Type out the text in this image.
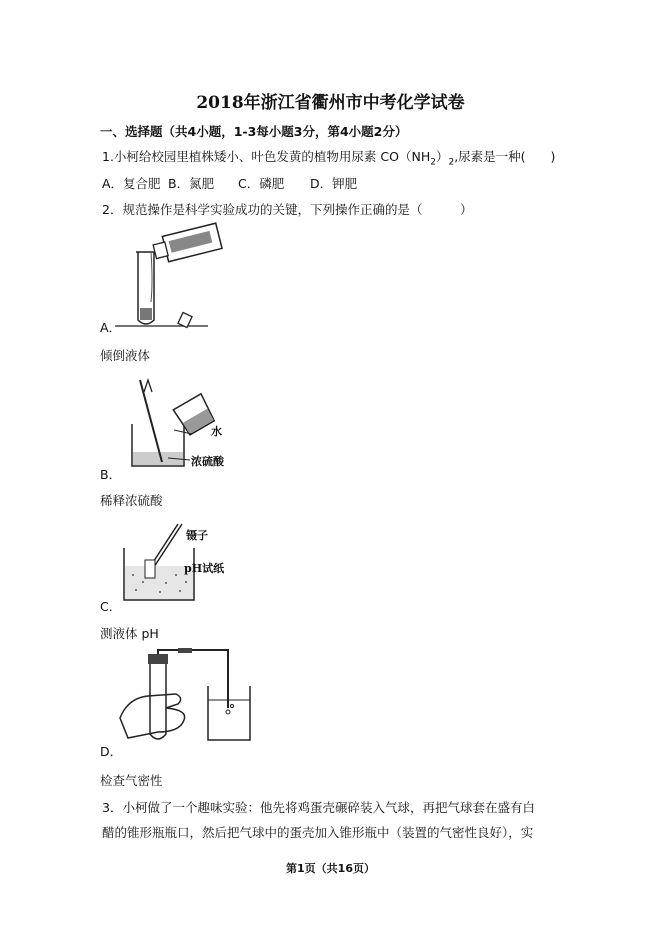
2018年浙江省衢州市中考化学试卷
一、选择题（共4小题，1-3每小题3分，第4小题2分）
1.小柯给校园里植株矮小、叶色发黄的植物用尿素 $CO(NH_2)_2$,尿素是一种(　　)
A．复合肥 B．氮肥 C．磷肥 D．钾肥
2．规范操作是科学实验成功的关键，下列操作正确的是（　　　）
A．
倾倒液体
水
浓硫酸
B．
稀释浓硫酸
镊子
pH试纸
C．
测液体 pH
D．
检查气密性
3．小柯做了一个趣味实验：他先将鸡蛋壳碾碎装入气球，再把气球套在盛有白
醋的锥形瓶瓶口，然后把气球中的蛋壳加入锥形瓶中（装置的气密性良好），实
第1页（共16页）
